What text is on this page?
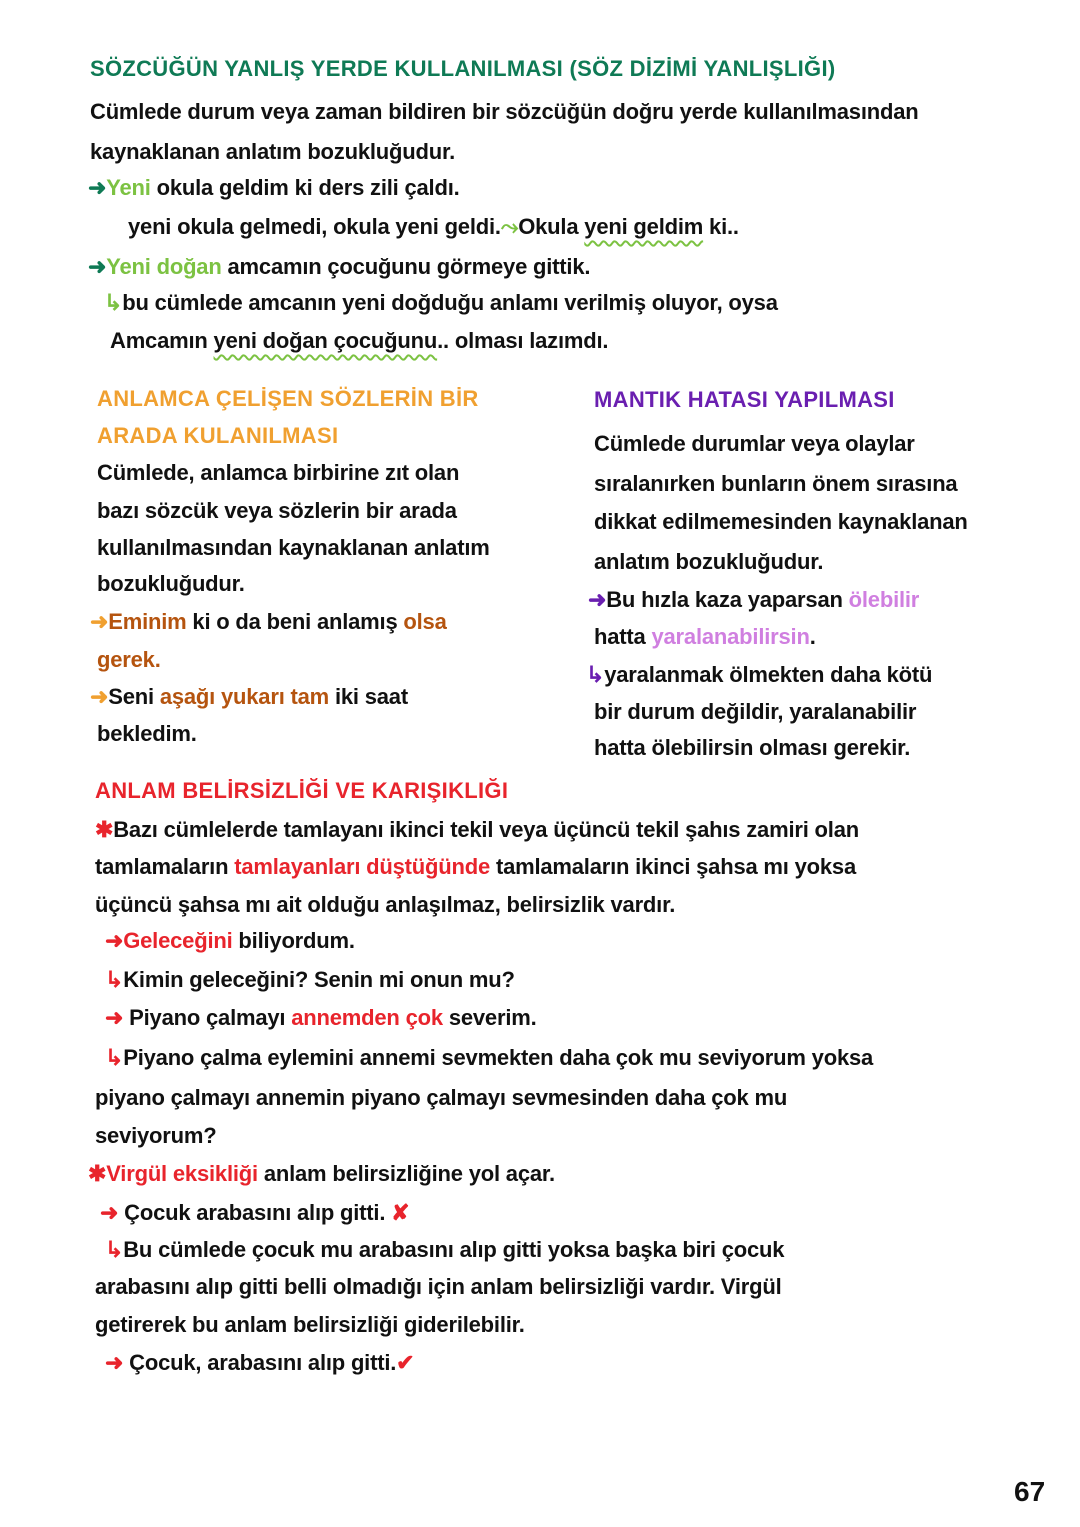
SÖZCÜĞÜN YANLIŞ YERDE KULLANILMASI (SÖZ DİZİMİ YANLIŞLIĞI)
Cümlede durum veya zaman bildiren bir sözcüğün doğru yerde kullanılmasından
kaynaklanan anlatım bozukluğudur.
➜Yeni okula geldim ki ders zili çaldı.
yeni okula gelmedi, okula yeni geldi.⤳Okula yeni geldim ki..
➜Yeni doğan amcamın çocuğunu görmeye gittik.
↳bu cümlede amcanın yeni doğduğu anlamı verilmiş oluyor, oysa
Amcamın yeni doğan çocuğunu.. olması lazımdı.
ANLAMCA ÇELİŞEN SÖZLERİN BİR
ARADA KULANILMASI
Cümlede, anlamca birbirine zıt olan
bazı sözcük veya sözlerin bir arada
kullanılmasından kaynaklanan anlatım
bozukluğudur.
➜Eminim ki o da beni anlamış olsa
gerek.
➜Seni aşağı yukarı tam iki saat
bekledim.
MANTIK HATASI YAPILMASI
Cümlede durumlar veya olaylar
sıralanırken bunların önem sırasına
dikkat edilmemesinden kaynaklanan
anlatım bozukluğudur.
➜Bu hızla kaza yaparsan ölebilir
hatta yaralanabilirsin.
↳yaralanmak ölmekten daha kötü
bir durum değildir, yaralanabilir
hatta ölebilirsin olması gerekir.
ANLAM BELİRSİZLİĞİ VE KARIŞIKLIĞI
✱Bazı cümlelerde tamlayanı ikinci tekil veya üçüncü tekil şahıs zamiri olan
tamlamaların tamlayanları düştüğünde tamlamaların ikinci şahsa mı yoksa
üçüncü şahsa mı ait olduğu anlaşılmaz, belirsizlik vardır.
➜Geleceğini biliyordum.
↳Kimin geleceğini? Senin mi onun mu?
➜ Piyano çalmayı annemden çok severim.
↳Piyano çalma eylemini annemi sevmekten daha çok mu seviyorum yoksa
piyano çalmayı annemin piyano çalmayı sevmesinden daha çok mu
seviyorum?
✱Virgül eksikliği anlam belirsizliğine yol açar.
➜ Çocuk arabasını alıp gitti. ✘
↳Bu cümlede çocuk mu arabasını alıp gitti yoksa başka biri çocuk
arabasını alıp gitti belli olmadığı için anlam belirsizliği vardır. Virgül
getirerek bu anlam belirsizliği giderilebilir.
➜ Çocuk, arabasını alıp gitti.✔
67
